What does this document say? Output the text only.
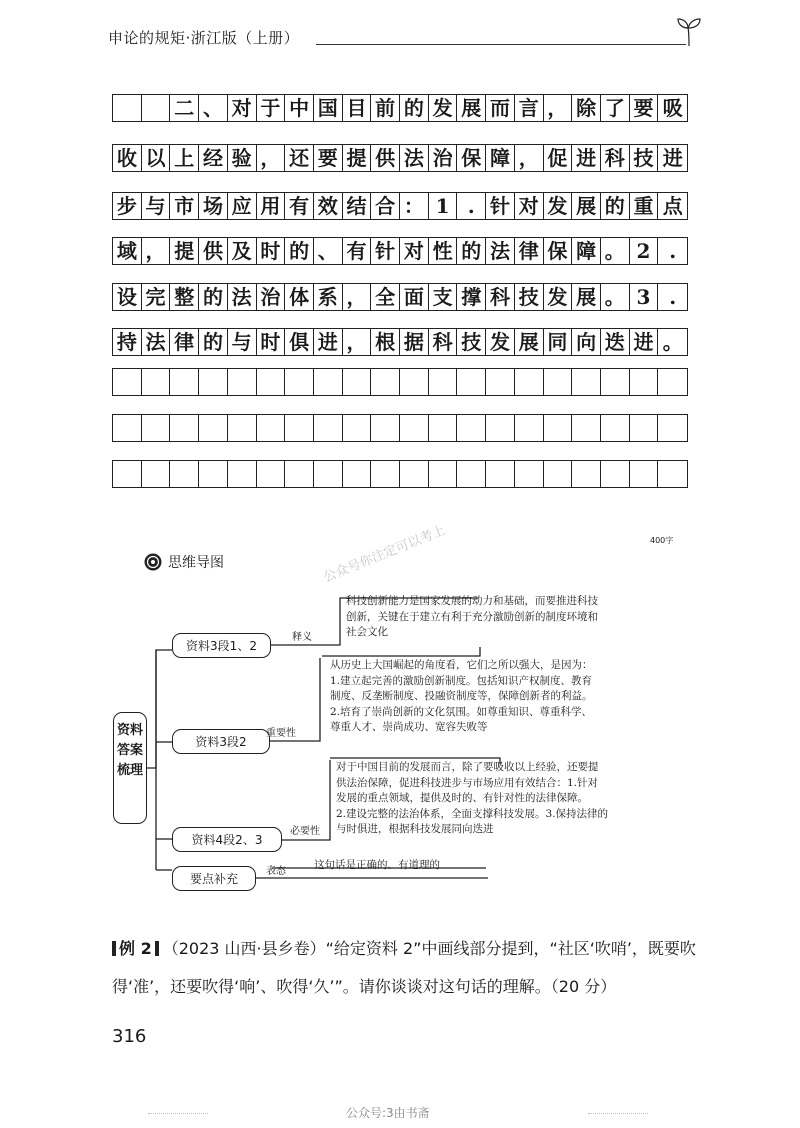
申论的规矩·浙江版（上册）
二 、 对 于 中 国 目 前 的 发 展 而 言 ， 除 了 要 吸
收 以 上 经 验 ， 还 要 提 供 法 治 保 障 ， 促 进 科 技 进
步 与 市 场 应 用 有 效 结 合 ： 1 . 针 对 发 展 的 重 点
域 ， 提 供 及 时 的 、 有 针 对 性 的 法 律 保 障 。 2 .
设 完 整 的 法 治 体 系 ， 全 面 支 撑 科 技 发 展 。 3 .
持 法 律 的 与 时 俱 进 ， 根 据 科 技 发 展 同 向 迭 进 。
400字
思维导图
资料答案梳理
资料3段1、2
释义
科技创新能力是国家发展的动力和基础，而要推进科技
创新，关键在于建立有利于充分激励创新的制度环境和
社会文化
资料3段2
重要性
从历史上大国崛起的角度看，它们之所以强大，是因为：
1.建立起完善的激励创新制度。包括知识产权制度、教育
制度、反垄断制度、投融资制度等，保障创新者的利益。
2.培育了崇尚创新的文化氛围。如尊重知识、尊重科学、
尊重人才、崇尚成功、宽容失败等
资料4段2、3
必要性
对于中国目前的发展而言，除了要吸收以上经验，还要提
供法治保障，促进科技进步与市场应用有效结合：1.针对
发展的重点领域，提供及时的、有针对性的法律保障。
2.建设完整的法治体系，全面支撑科技发展。3.保持法律的
与时俱进，根据科技发展同向迭进
要点补充
表态
这句话是正确的、有道理的
公众号你注定可以考上
例 2 （2023 山西·县乡卷）“给定资料 2”中画线部分提到，“社区‘吹哨’，既要吹得‘准’，还要吹得‘响’、吹得‘久’”。请你谈谈对这句话的理解。（20 分）
316
公众号:3由书斋
